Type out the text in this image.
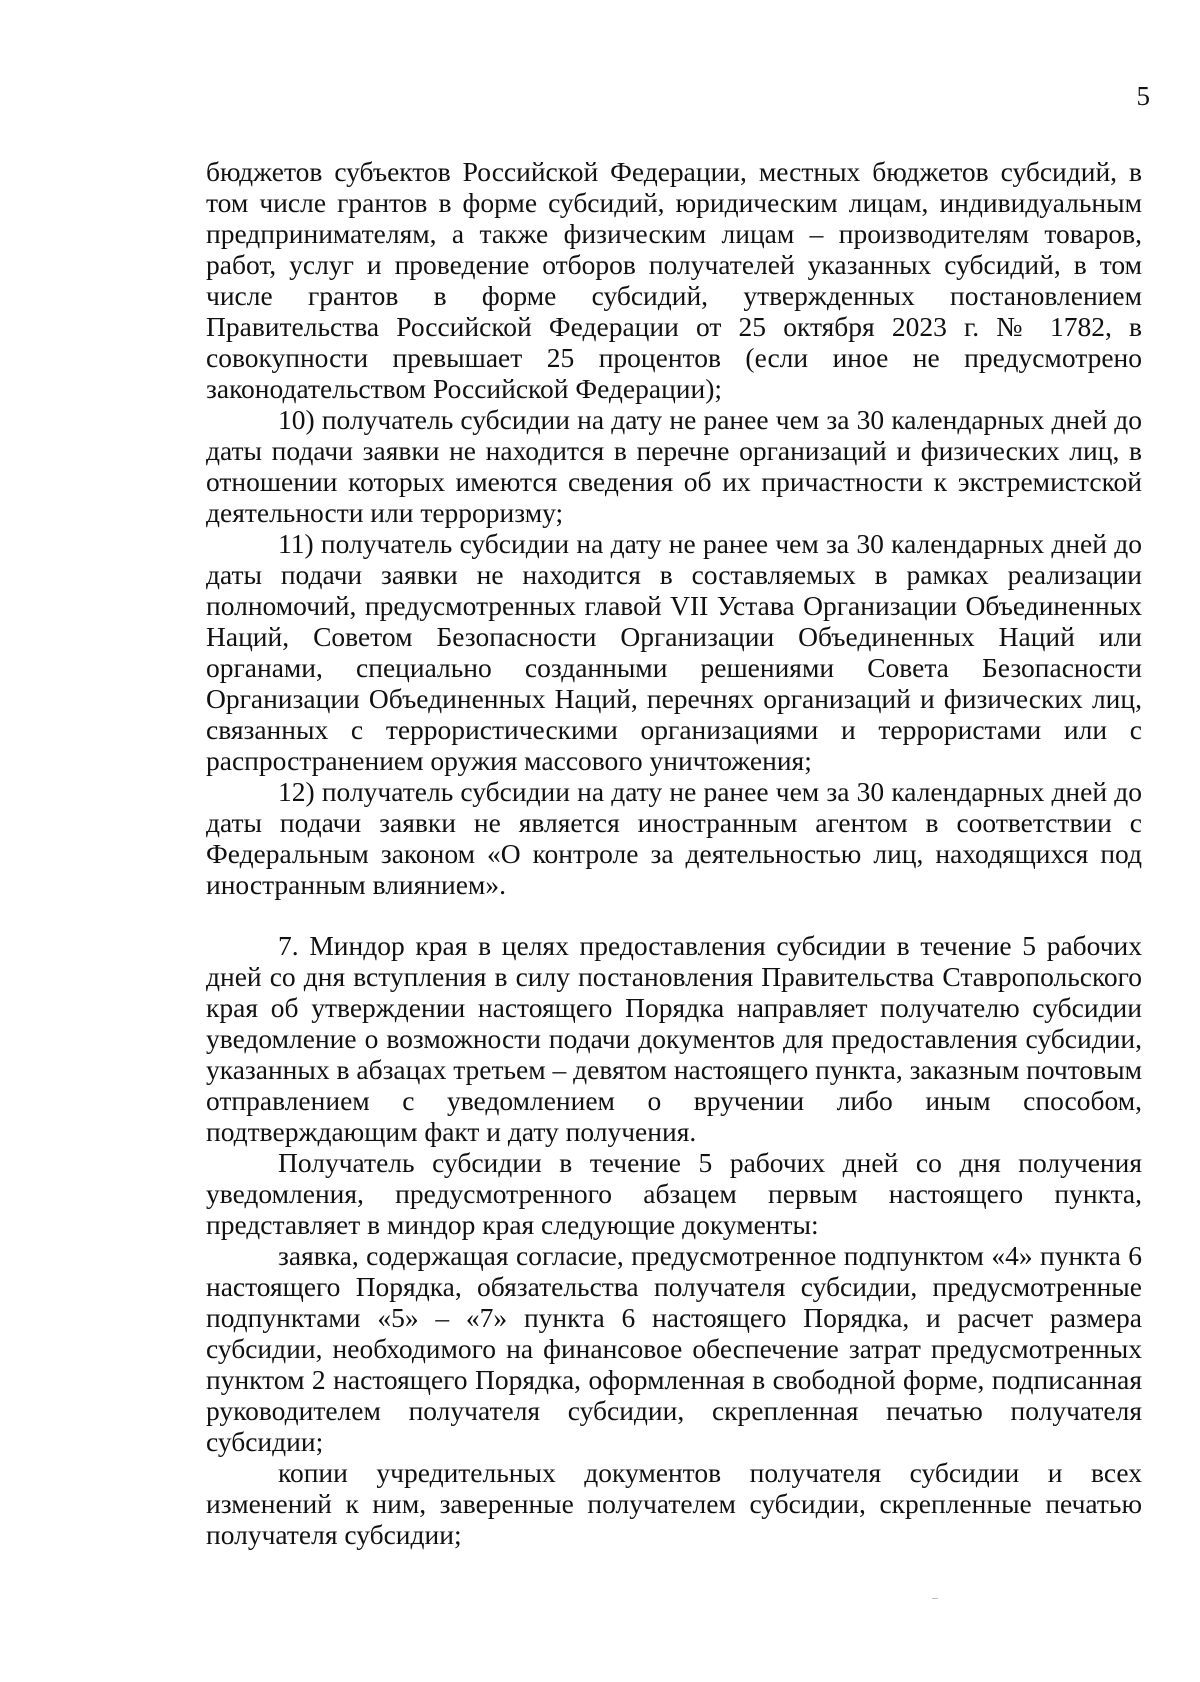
5

бюджетов субъектов Российской Федерации, местных бюджетов субсидий, в том числе грантов в форме субсидий, юридическим лицам, индивидуальным предпринимателям, а также физическим лицам – производителям товаров, работ, услуг и проведение отборов получателей указанных субсидий, в том числе грантов в форме субсидий, утвержденных постановлением Правительства Российской Федерации от 25 октября 2023 г. № 1782, в совокупности превышает 25 процентов (если иное не предусмотрено законодательством Российской Федерации);

10) получатель субсидии на дату не ранее чем за 30 календарных дней до даты подачи заявки не находится в перечне организаций и физических лиц, в отношении которых имеются сведения об их причастности к экстремистской деятельности или терроризму;

11) получатель субсидии на дату не ранее чем за 30 календарных дней до даты подачи заявки не находится в составляемых в рамках реализации полномочий, предусмотренных главой VII Устава Организации Объединенных Наций, Советом Безопасности Организации Объединенных Наций или органами, специально созданными решениями Совета Безопасности Организации Объединенных Наций, перечнях организаций и физических лиц, связанных с террористическими организациями и террористами или с распространением оружия массового уничтожения;

12) получатель субсидии на дату не ранее чем за 30 календарных дней до даты подачи заявки не является иностранным агентом в соответствии с Федеральным законом «О контроле за деятельностью лиц, находящихся под иностранным влиянием».

7. Миндор края в целях предоставления субсидии в течение 5 рабочих дней со дня вступления в силу постановления Правительства Ставропольского края об утверждении настоящего Порядка направляет получателю субсидии уведомление о возможности подачи документов для предоставления субсидии, указанных в абзацах третьем – девятом настоящего пункта, заказным почтовым отправлением с уведомлением о вручении либо иным способом, подтверждающим факт и дату получения.

Получатель субсидии в течение 5 рабочих дней со дня получения уведомления, предусмотренного абзацем первым настоящего пункта, представляет в миндор края следующие документы:

заявка, содержащая согласие, предусмотренное подпунктом «4» пункта 6 настоящего Порядка, обязательства получателя субсидии, предусмотренные подпунктами «5» – «7» пункта 6 настоящего Порядка, и расчет размера субсидии, необходимого на финансовое обеспечение затрат предусмотренных пунктом 2 настоящего Порядка, оформленная в свободной форме, подписанная руководителем получателя субсидии, скрепленная печатью получателя субсидии;

копии учредительных документов получателя субсидии и всех изменений к ним, заверенные получателем субсидии, скрепленные печатью получателя субсидии;
